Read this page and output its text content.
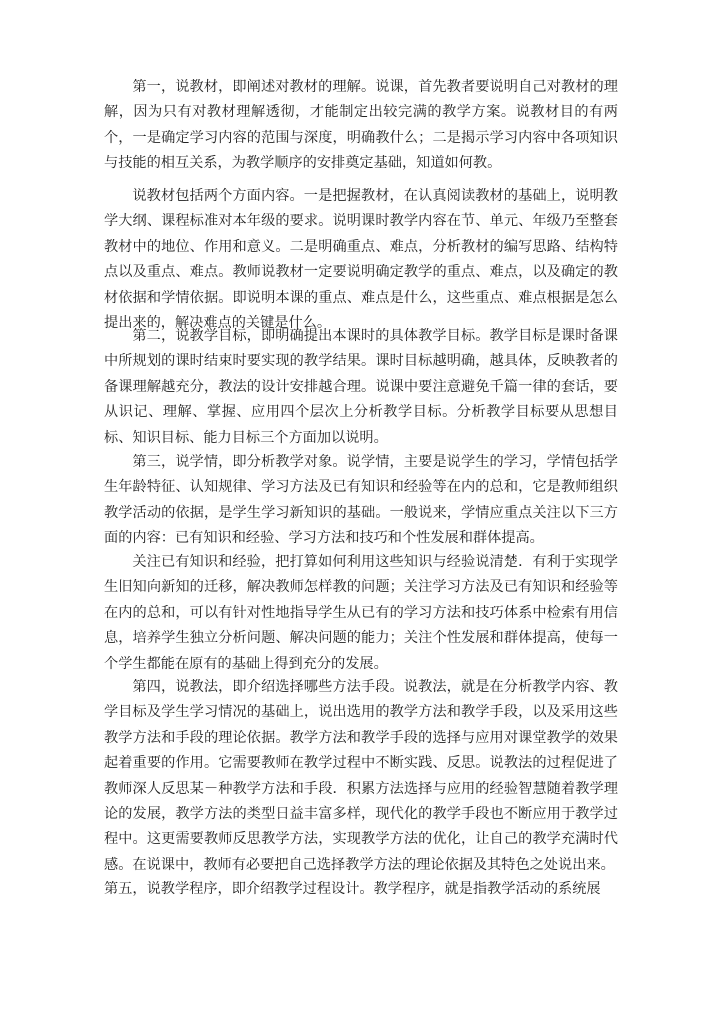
第一，说教材，即阐述对教材的理解。说课，首先教者要说明自己对教材的理解，因为只有对教材理解透彻，才能制定出较完满的教学方案。说教材目的有两个，一是确定学习内容的范围与深度，明确教什么；二是揭示学习内容中各项知识与技能的相互关系，为教学顺序的安排奠定基础，知道如何教。

说教材包括两个方面内容。一是把握教材，在认真阅读教材的基础上，说明教学大纲、课程标准对本年级的要求。说明课时教学内容在节、单元、年级乃至整套教材中的地位、作用和意义。二是明确重点、难点，分析教材的编写思路、结构特点以及重点、难点。教师说教材一定要说明确定教学的重点、难点，以及确定的教材依据和学情依据。即说明本课的重点、难点是什么，这些重点、难点根据是怎么提出来的，解决难点的关键是什么。

第二，说教学目标，即明确提出本课时的具体教学目标。教学目标是课时备课中所规划的课时结束时要实现的教学结果。课时目标越明确，越具体，反映教者的备课理解越充分，教法的设计安排越合理。说课中要注意避免千篇一律的套话，要从识记、理解、掌握、应用四个层次上分析教学目标。分析教学目标要从思想目标、知识目标、能力目标三个方面加以说明。

第三，说学情，即分析教学对象。说学情，主要是说学生的学习，学情包括学生年龄特征、认知规律、学习方法及已有知识和经验等在内的总和，它是教师组织教学活动的依据，是学生学习新知识的基础。一般说来，学情应重点关注以下三方面的内容：已有知识和经验、学习方法和技巧和个性发展和群体提高。

关注已有知识和经验，把打算如何利用这些知识与经验说清楚．有利于实现学生旧知向新知的迁移，解决教师怎样教的问题；关注学习方法及已有知识和经验等在内的总和，可以有针对性地指导学生从已有的学习方法和技巧体系中检索有用信息，培养学生独立分析问题、解决问题的能力；关注个性发展和群体提高，使每一个学生都能在原有的基础上得到充分的发展。

第四，说教法，即介绍选择哪些方法手段。说教法，就是在分析教学内容、教学目标及学生学习情况的基础上，说出选用的教学方法和教学手段，以及采用这些教学方法和手段的理论依据。教学方法和教学手段的选择与应用对课堂教学的效果起着重要的作用。它需要教师在教学过程中不断实践、反思。说教法的过程促进了教师深人反思某－种教学方法和手段．积累方法选择与应用的经验智慧随着教学理论的发展，教学方法的类型日益丰富多样，现代化的教学手段也不断应用于教学过程中。这更需要教师反思教学方法，实现教学方法的优化，让自己的教学充满时代感。在说课中，教师有必要把自己选择教学方法的理论依据及其特色之处说出来。

第五，说教学程序，即介绍教学过程设计。教学程序，就是指教学活动的系统展
